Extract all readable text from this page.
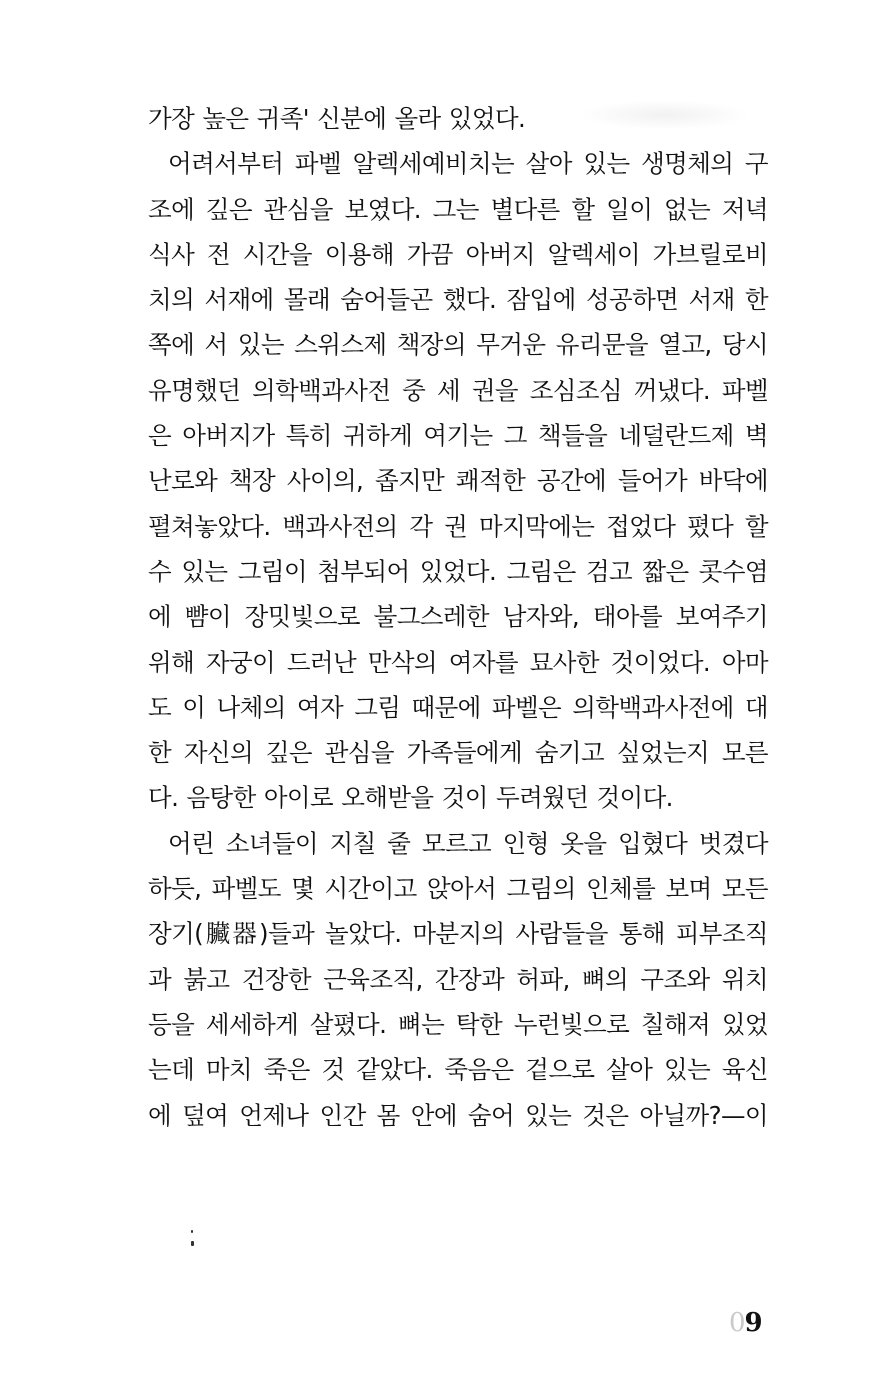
가장 높은 귀족' 신분에 올라 있었다.
어려서부터 파벨 알렉세예비치는 살아 있는 생명체의 구
조에 깊은 관심을 보였다. 그는 별다른 할 일이 없는 저녁
식사 전 시간을 이용해 가끔 아버지 알렉세이 가브릴로비
치의 서재에 몰래 숨어들곤 했다. 잠입에 성공하면 서재 한
쪽에 서 있는 스위스제 책장의 무거운 유리문을 열고, 당시
유명했던 의학백과사전 중 세 권을 조심조심 꺼냈다. 파벨
은 아버지가 특히 귀하게 여기는 그 책들을 네덜란드제 벽
난로와 책장 사이의, 좁지만 쾌적한 공간에 들어가 바닥에
펼쳐놓았다. 백과사전의 각 권 마지막에는 접었다 폈다 할
수 있는 그림이 첨부되어 있었다. 그림은 검고 짧은 콧수염
에 뺨이 장밋빛으로 불그스레한 남자와, 태아를 보여주기
위해 자궁이 드러난 만삭의 여자를 묘사한 것이었다. 아마
도 이 나체의 여자 그림 때문에 파벨은 의학백과사전에 대
한 자신의 깊은 관심을 가족들에게 숨기고 싶었는지 모른
다. 음탕한 아이로 오해받을 것이 두려웠던 것이다.
어린 소녀들이 지칠 줄 모르고 인형 옷을 입혔다 벗겼다
하듯, 파벨도 몇 시간이고 앉아서 그림의 인체를 보며 모든
장기(臟器)들과 놀았다. 마분지의 사람들을 통해 피부조직
과 붉고 건장한 근육조직, 간장과 허파, 뼈의 구조와 위치
등을 세세하게 살폈다. 뼈는 탁한 누런빛으로 칠해져 있었
는데 마치 죽은 것 같았다. 죽음은 겉으로 살아 있는 육신
에 덮여 언제나 인간 몸 안에 숨어 있는 것은 아닐까?—이
09
